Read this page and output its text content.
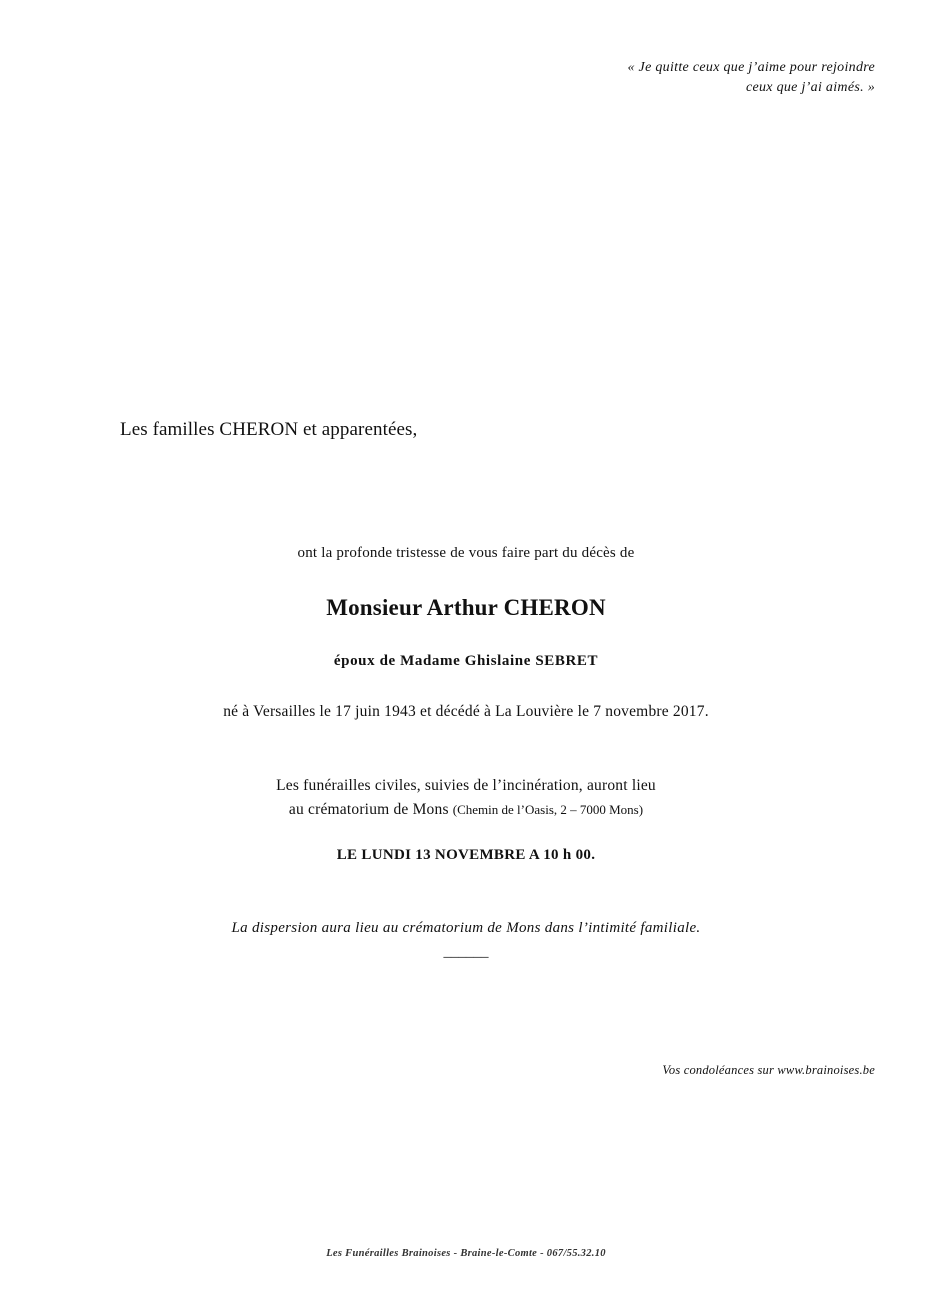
« Je quitte ceux que j’aime pour rejoindre
ceux que j’ai aimés. »
Les familles CHERON et apparentées,
ont la profonde tristesse de vous faire part du décès de
Monsieur Arthur CHERON
époux de Madame Ghislaine SEBRET
né à Versailles le 17 juin 1943 et décédé à La Louvière le 7 novembre 2017.
Les funérailles civiles, suivies de l’incinération, auront lieu
au crématorium de Mons (Chemin de l’Oasis, 2 – 7000 Mons)
LE LUNDI 13 NOVEMBRE A 10 h 00.
La dispersion aura lieu au crématorium de Mons dans l’intimité familiale.
______
Vos condoléances sur www.brainoises.be
Les Funérailles Brainoises - Braine-le-Comte - 067/55.32.10
